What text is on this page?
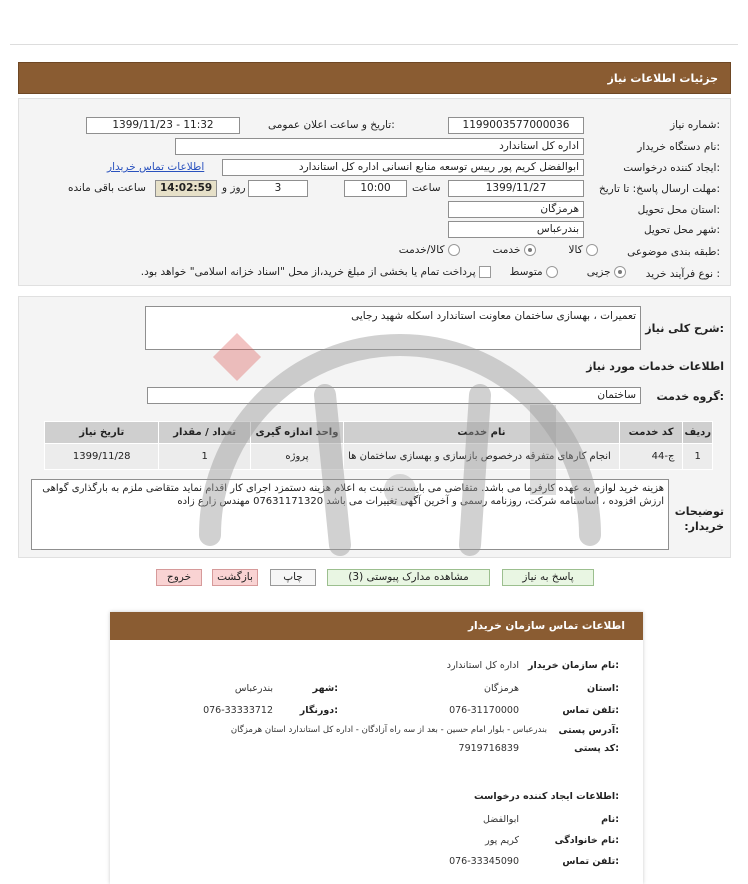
جزئیات اطلاعات نیاز
شماره نیاز:
1199003577000036
تاریخ و ساعت اعلان عمومی:
1399/11/23 - 11:32
نام دستگاه خریدار:
اداره کل استاندارد
ایجاد کننده درخواست:
ابوالفضل کریم پور رییس توسعه منابع انسانی اداره کل استاندارد
اطلاعات تماس خریدار
مهلت ارسال پاسخ: تا تاریخ:
1399/11/27
ساعت
10:00
3
روز و
14:02:59
ساعت باقی مانده
استان محل تحویل:
هرمزگان
شهر محل تحویل:
بندرعباس
طبقه بندی موضوعی:
کالا   خدمت   کالا/خدمت
نوع فرآیند خرید :
جزیی   متوسط   پرداخت تمام یا بخشی از مبلغ خرید،از محل "اسناد خزانه اسلامی" خواهد بود.
شرح کلی نیاز:
تعمیرات ، بهسازی ساختمان معاونت استاندارد اسکله شهید رجایی
اطلاعات خدمات مورد نیاز
گروه خدمت:
ساختمان
ردیف	کد خدمت	نام خدمت	واحد اندازه گیری	تعداد / مقدار	تاریخ نیاز
1	ج-44	انجام کارهای متفرقه درخصوص بازسازی و بهسازی ساختمان ها	پروژه	1	1399/11/28
توضیحات خریدار:
هزینه خرید لوازم به عهده کارفرما می باشد. متقاضی می بایست نسبت به اعلام هزینه دستمزد اجرای کار اقدام نماید متقاضی ملزم به بارگذاری گواهی ارزش افزوده ، اساسنامه شرکت، روزنامه رسمی و آخرین آگهی تغییرات می باشد 07631171320 مهندس زارع زاده
پاسخ به نیاز
مشاهده مدارک پیوستی (3)
چاپ
بازگشت
خروج
اطلاعات تماس سازمان خریدار
نام سازمان خریدار:
اداره کل استاندارد
استان:
هرمزگان
شهر:
بندرعباس
تلفن تماس:
076-31170000
دورنگار:
076-33333712
آدرس پستی:
بندرعباس - بلوار امام حسین - بعد از سه راه آزادگان - اداره کل استاندارد استان هرمزگان
کد پستی:
7919716839
اطلاعات ایجاد کننده درخواست:
نام:
ابوالفضل
نام خانوادگی:
کریم پور
تلفن تماس:
076-33345090
